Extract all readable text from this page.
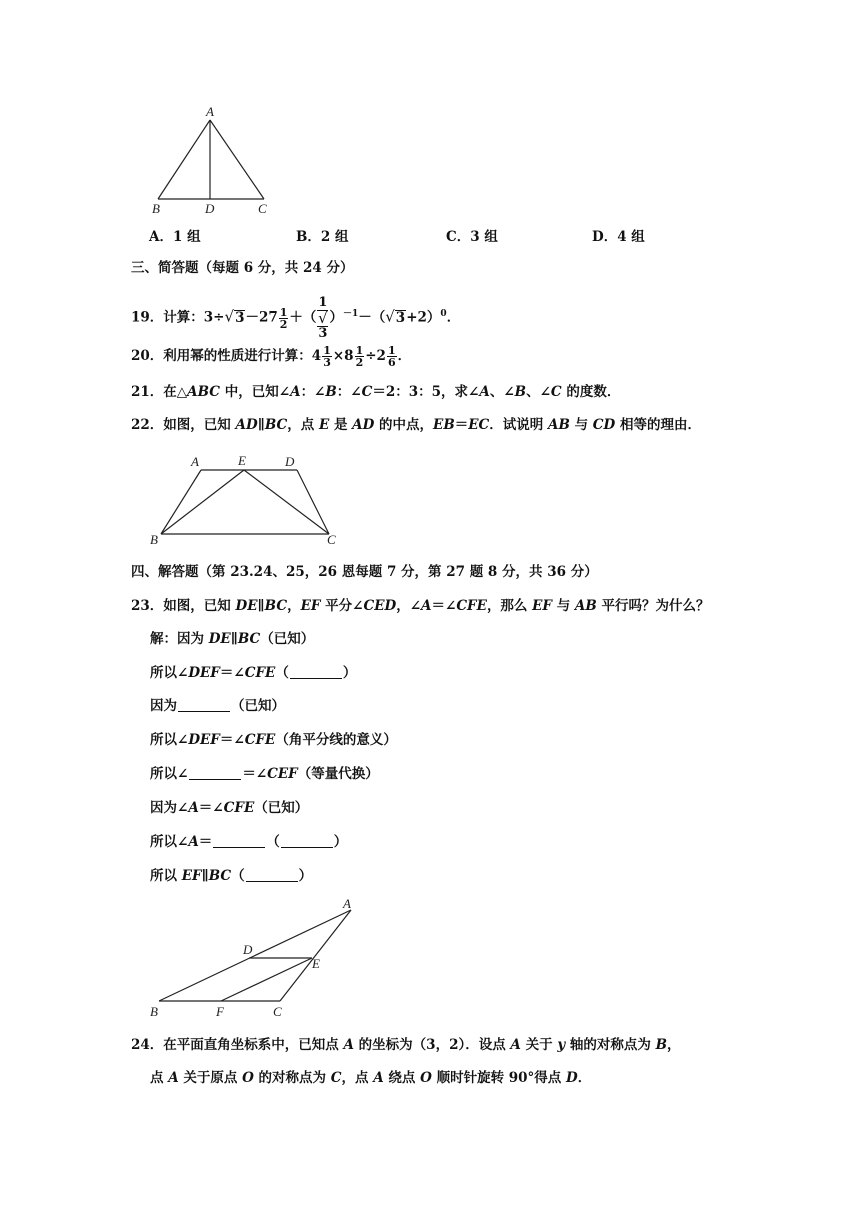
A
B	D	C
A．1 组	B．2 组	C．3 组	D．4 组
三、简答题（每题 6 分，共 24 分）
19．计算：$3\div√3-27 \frac{1}{2}$ ＋（ 1
√
3 ）$^{-1}-(√3+2)^0$．
20．利用幂的性质进行计算：$4 \frac{1}{3} \times 8 \frac{1}{2} \div 2 \frac{1}{6}$ ．
21．在△ABC 中，已知∠A：∠B：∠C＝2：3：5，求∠A、∠B、∠C 的度数．
22．如图，已知 AD∥BC，点 E 是 AD 的中点，EB＝EC．试说明 AB 与 CD 相等的理由．
A	E	D
B	C
四、解答题（第 23.24、25，26 恩每题 7 分，第 27 题 8 分，共 36 分）
23．如图，已知 DE∥BC，EF 平分∠CED，∠A＝∠CFE，那么 EF 与 AB 平行吗？为什么？
解：因为 DE∥BC（已知）
所以∠DEF＝∠CFE（	）
因为	（已知）
所以∠DEF＝∠CFE（角平分线的意义）
所以∠	＝∠CEF（等量代换）
因为∠A＝∠CFE（已知）
所以∠A＝	（	）
所以 EF∥BC（	）
A
D
E
B	F	C
24．在平面直角坐标系中，已知点 A 的坐标为（3，2）．设点 A 关于 y 轴的对称点为 B，
点 A 关于原点 O 的对称点为 C，点 A 绕点 O 顺时针旋转 90°得点 D．
